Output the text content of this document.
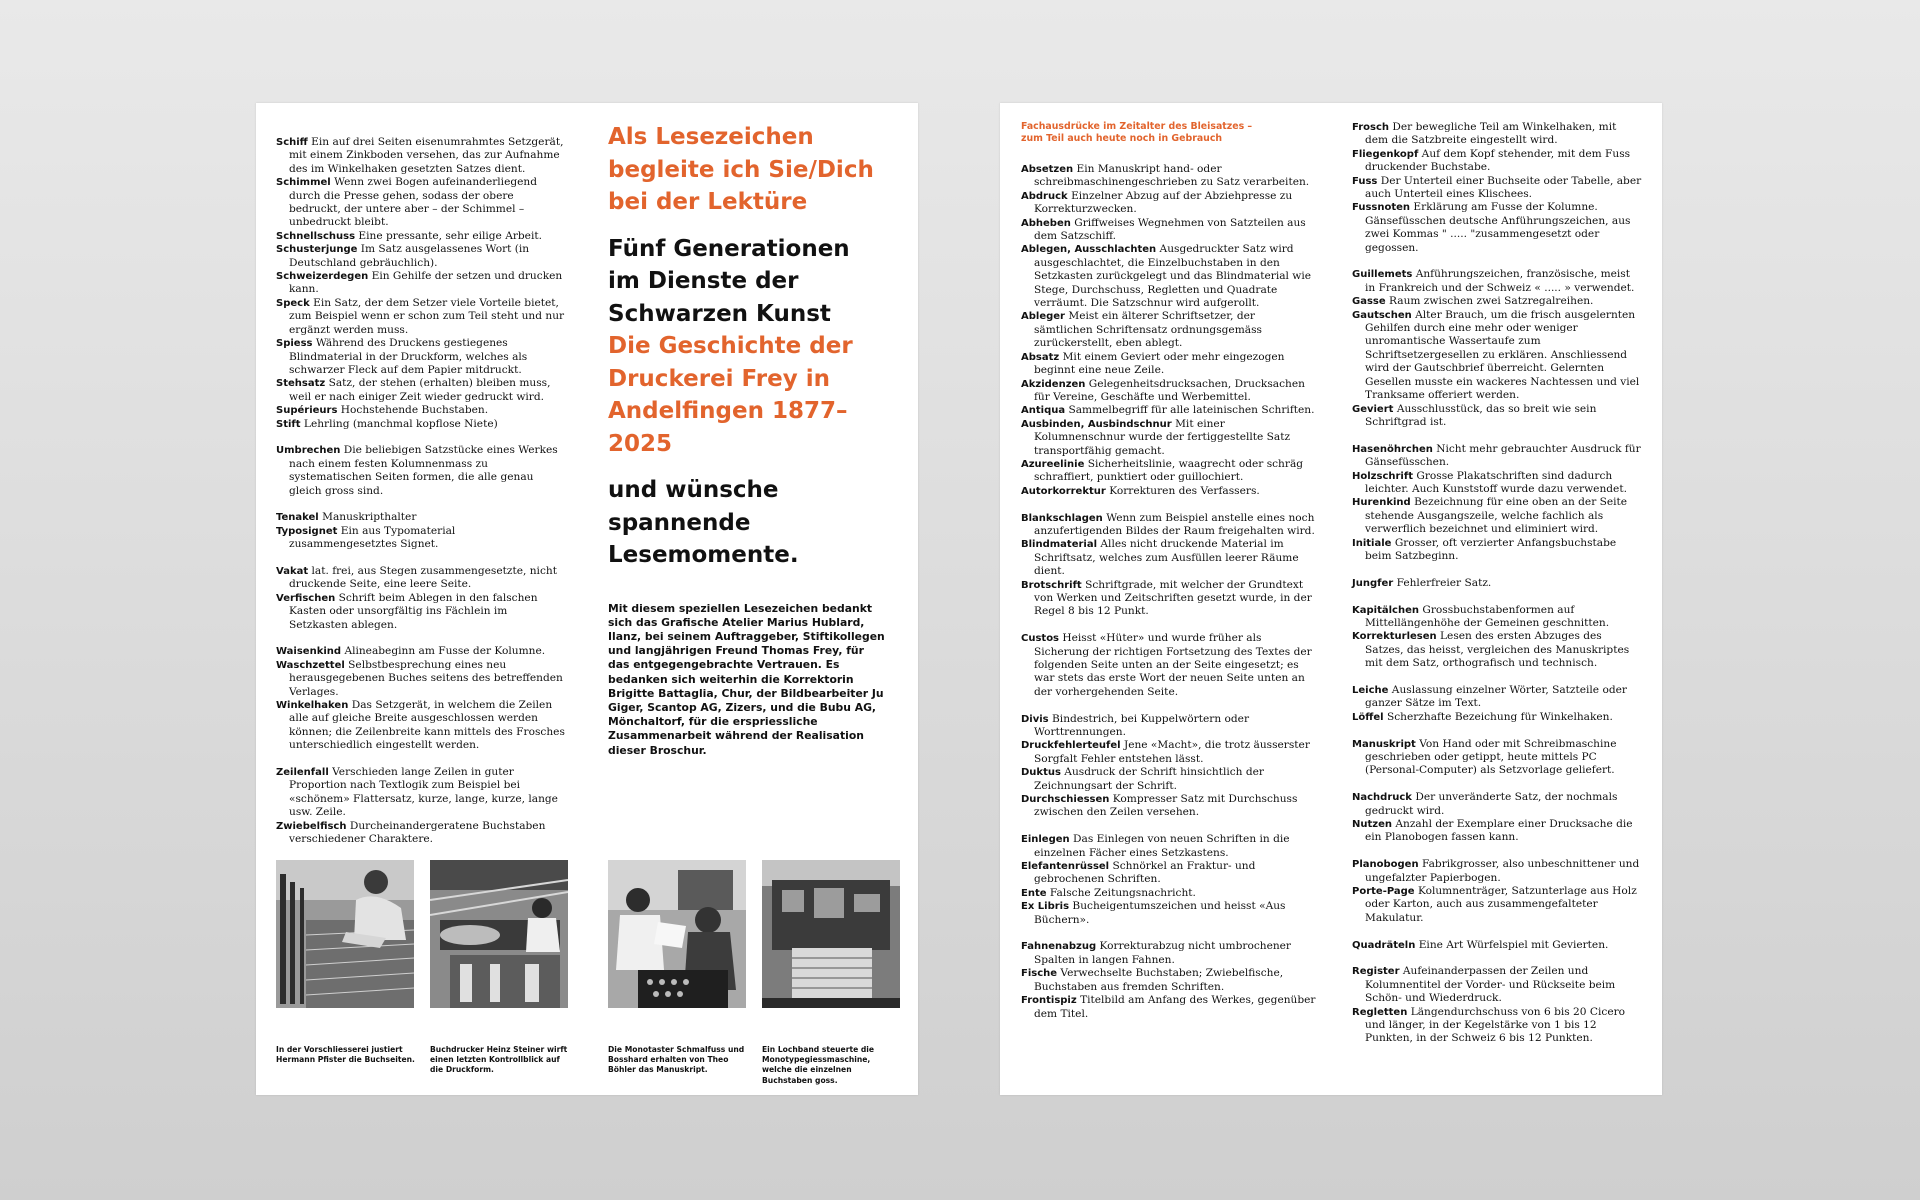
Schiff Ein auf drei Seiten eisenumrahmtes Setzgerät, mit einem Zinkboden versehen, das zur Aufnahme des im Winkelhaken gesetzten Satzes dient.

Schimmel Wenn zwei Bogen aufeinanderliegend durch die Presse gehen, sodass der obere bedruckt, der untere aber – der Schimmel – unbedruckt bleibt.

Schnellschuss Eine pressante, sehr eilige Arbeit.

Schusterjunge Im Satz ausgelassenes Wort (in Deutschland gebräuchlich).

Schweizerdegen Ein Gehilfe der setzen und drucken kann.

Speck Ein Satz, der dem Setzer viele Vorteile bietet, zum Beispiel wenn er schon zum Teil steht und nur ergänzt werden muss.

Spiess Während des Druckens gestiegenes Blindmaterial in der Druckform, welches als schwarzer Fleck auf dem Papier mitdruckt.

Stehsatz Satz, der stehen (erhalten) bleiben muss, weil er nach einiger Zeit wieder gedruckt wird.

Supérieurs Hochstehende Buchstaben.

Stift Lehrling (manchmal kopflose Niete)

Umbrechen Die beliebigen Satzstücke eines Werkes nach einem festen Kolumnenmass zu systematischen Seiten formen, die alle genau gleich gross sind.

Tenakel Manuskripthalter

Typosignet Ein aus Typomaterial zusammengesetztes Signet.

Vakat lat. frei, aus Stegen zusammengesetzte, nicht druckende Seite, eine leere Seite.

Verfischen Schrift beim Ablegen in den falschen Kasten oder unsorgfältig ins Fächlein im Setzkasten ablegen.

Waisenkind Alineabeginn am Fusse der Kolumne.

Waschzettel Selbstbesprechung eines neu herausgegebenen Buches seitens des betreffenden Verlages.

Winkelhaken Das Setzgerät, in welchem die Zeilen alle auf gleiche Breite ausgeschlossen werden können; die Zeilenbreite kann mittels des Frosches unterschiedlich eingestellt werden.

Zeilenfall Verschieden lange Zeilen in guter Proportion nach Textlogik zum Beispiel bei «schönem» Flattersatz, kurze, lange, kurze, lange usw. Zeile.

Zwiebelfisch Durcheinandergeratene Buchstaben verschiedener Charaktere.

Als Lesezeichen begleite ich Sie/Dich bei der Lektüre

Fünf Generationen im Dienste der Schwarzen Kunst

Die Geschichte der Druckerei Frey in Andelfingen 1877–2025

und wünsche spannende Lesemomente.

Mit diesem speziellen Lesezeichen bedankt sich das Grafische Atelier Marius Hublard, Ilanz, bei seinem Auftraggeber, Stiftikollegen und langjährigen Freund Thomas Frey, für das entgegengebrachte Vertrauen. Es bedanken sich weiterhin die Korrektorin Brigitte Battaglia, Chur, der Bildbearbeiter Ju Giger, Scantop AG, Zizers, und die Bubu AG, Mönchaltorf, für die erspriessliche Zusammenarbeit während der Realisation dieser Broschur.

In der Vorschliesserei justiert Hermann Pfister die Buchseiten.

Buchdrucker Heinz Steiner wirft einen letzten Kontrollblick auf die Druckform.

Die Monotaster Schmalfuss und Bosshard erhalten von Theo Böhler das Manuskript.

Ein Lochband steuerte die Monotypegiessmaschine, welche die einzelnen Buchstaben goss.

Fachausdrücke im Zeitalter des Bleisatzes – zum Teil auch heute noch in Gebrauch

Absetzen Ein Manuskript hand- oder schreibmaschinengeschrieben zu Satz verarbeiten.

Abdruck Einzelner Abzug auf der Abziehpresse zu Korrekturzwecken.

Abheben Griffweises Wegnehmen von Satzteilen aus dem Satzschiff.

Ablegen, Ausschlachten Ausgedruckter Satz wird ausgeschlachtet, die Einzelbuchstaben in den Setzkasten zurückgelegt und das Blindmaterial wie Stege, Durchschuss, Regletten und Quadrate verräumt. Die Satzschnur wird aufgerollt.

Ableger Meist ein älterer Schriftsetzer, der sämtlichen Schriftensatz ordnungsgemäss zurückerstellt, eben ablegt.

Absatz Mit einem Geviert oder mehr eingezogen beginnt eine neue Zeile.

Akzidenzen Gelegenheitsdrucksachen, Drucksachen für Vereine, Geschäfte und Werbemittel.

Antiqua Sammelbegriff für alle lateinischen Schriften.

Ausbinden, Ausbindschnur Mit einer Kolumnenschnur wurde der fertiggestellte Satz transportfähig gemacht.

Azureelinie Sicherheitslinie, waagrecht oder schräg schraffiert, punktiert oder guillochiert.

Autorkorrektur Korrekturen des Verfassers.

Blankschlagen Wenn zum Beispiel anstelle eines noch anzufertigenden Bildes der Raum freigehalten wird.

Blindmaterial Alles nicht druckende Material im Schriftsatz, welches zum Ausfüllen leerer Räume dient.

Brotschrift Schriftgrade, mit welcher der Grundtext von Werken und Zeitschriften gesetzt wurde, in der Regel 8 bis 12 Punkt.

Custos Heisst «Hüter» und wurde früher als Sicherung der richtigen Fortsetzung des Textes der folgenden Seite unten an der Seite eingesetzt; es war stets das erste Wort der neuen Seite unten an der vorhergehenden Seite.

Divis Bindestrich, bei Kuppelwörtern oder Worttrennungen.

Druckfehlerteufel Jene «Macht», die trotz äusserster Sorgfalt Fehler entstehen lässt.

Duktus Ausdruck der Schrift hinsichtlich der Zeichnungsart der Schrift.

Durchschiessen Kompresser Satz mit Durchschuss zwischen den Zeilen versehen.

Einlegen Das Einlegen von neuen Schriften in die einzelnen Fächer eines Setzkastens.

Elefantenrüssel Schnörkel an Fraktur- und gebrochenen Schriften.

Ente Falsche Zeitungsnachricht.

Ex Libris Bucheigentumszeichen und heisst «Aus Büchern».

Fahnenabzug Korrekturabzug nicht umbrochener Spalten in langen Fahnen.

Fische Verwechselte Buchstaben; Zwiebelfische, Buchstaben aus fremden Schriften.

Frontispiz Titelbild am Anfang des Werkes, gegenüber dem Titel.

Frosch Der bewegliche Teil am Winkelhaken, mit dem die Satzbreite eingestellt wird.

Fliegenkopf Auf dem Kopf stehender, mit dem Fuss druckender Buchstabe.

Fuss Der Unterteil einer Buchseite oder Tabelle, aber auch Unterteil eines Klischees.

Fussnoten Erklärung am Fusse der Kolumne. Gänsefüsschen deutsche Anführungszeichen, aus zwei Kommas " ..... "zusammengesetzt oder gegossen.

Guillemets Anführungszeichen, französische, meist in Frankreich und der Schweiz « ..... » verwendet.

Gasse Raum zwischen zwei Satzregalreihen.

Gautschen Alter Brauch, um die frisch ausgelernten Gehilfen durch eine mehr oder weniger unromantische Wassertaufe zum Schriftsetzergesellen zu erklären. Anschliessend wird der Gautschbrief überreicht. Gelernten Gesellen musste ein wackeres Nachtessen und viel Tranksame offeriert werden.

Geviert Ausschlusstück, das so breit wie sein Schriftgrad ist.

Hasenöhrchen Nicht mehr gebrauchter Ausdruck für Gänsefüsschen.

Holzschrift Grosse Plakatschriften sind dadurch leichter. Auch Kunststoff wurde dazu verwendet.

Hurenkind Bezeichnung für eine oben an der Seite stehende Ausgangszeile, welche fachlich als verwerflich bezeichnet und eliminiert wird.

Initiale Grosser, oft verzierter Anfangsbuchstabe beim Satzbeginn.

Jungfer Fehlerfreier Satz.

Kapitälchen Grossbuchstabenformen auf Mittellängenhöhe der Gemeinen geschnitten.

Korrekturlesen Lesen des ersten Abzuges des Satzes, das heisst, vergleichen des Manuskriptes mit dem Satz, orthografisch und technisch.

Leiche Auslassung einzelner Wörter, Satzteile oder ganzer Sätze im Text.

Löffel Scherzhafte Bezeichung für Winkelhaken.

Manuskript Von Hand oder mit Schreibmaschine geschrieben oder getippt, heute mittels PC (Personal-Computer) als Setzvorlage geliefert.

Nachdruck Der unveränderte Satz, der nochmals gedruckt wird.

Nutzen Anzahl der Exemplare einer Drucksache die ein Planobogen fassen kann.

Planobogen Fabrikgrosser, also unbeschnittener und ungefalzter Papierbogen.

Porte-Page Kolumnenträger, Satzunterlage aus Holz oder Karton, auch aus zusammengefalteter Makulatur.

Quadräteln Eine Art Würfelspiel mit Gevierten.

Register Aufeinanderpassen der Zeilen und Kolumnentitel der Vorder- und Rückseite beim Schön- und Wiederdruck.

Regletten Längendurchschuss von 6 bis 20 Cicero und länger, in der Kegelstärke von 1 bis 12 Punkten, in der Schweiz 6 bis 12 Punkten.
